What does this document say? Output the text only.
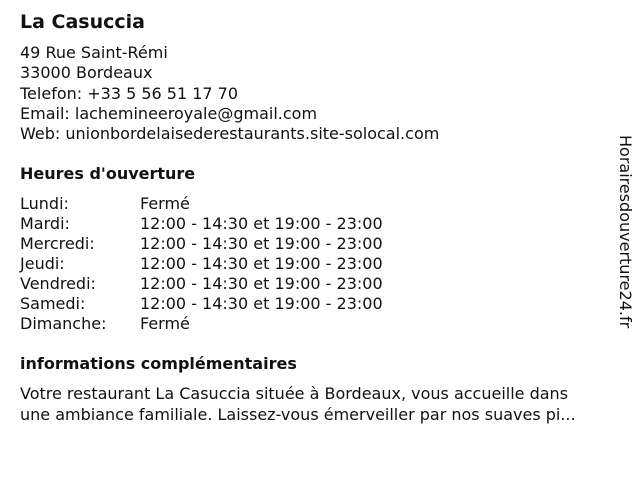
La Casuccia
49 Rue Saint-Rémi
33000 Bordeaux
Telefon: +33 5 56 51 17 70
Email: lachemineeroyale@gmail.com
Web: unionbordelaisederestaurants.site-solocal.com
Heures d'ouverture
Lundi:	Fermé
Mardi:	12:00 - 14:30 et 19:00 - 23:00
Mercredi:	12:00 - 14:30 et 19:00 - 23:00
Jeudi:	12:00 - 14:30 et 19:00 - 23:00
Vendredi:	12:00 - 14:30 et 19:00 - 23:00
Samedi:	12:00 - 14:30 et 19:00 - 23:00
Dimanche: Fermé
informations complémentaires
Votre restaurant La Casuccia située à Bordeaux, vous accueille dans
une ambiance familiale. Laissez-vous émerveiller par nos suaves pi...
Horairesdouverture24.fr
